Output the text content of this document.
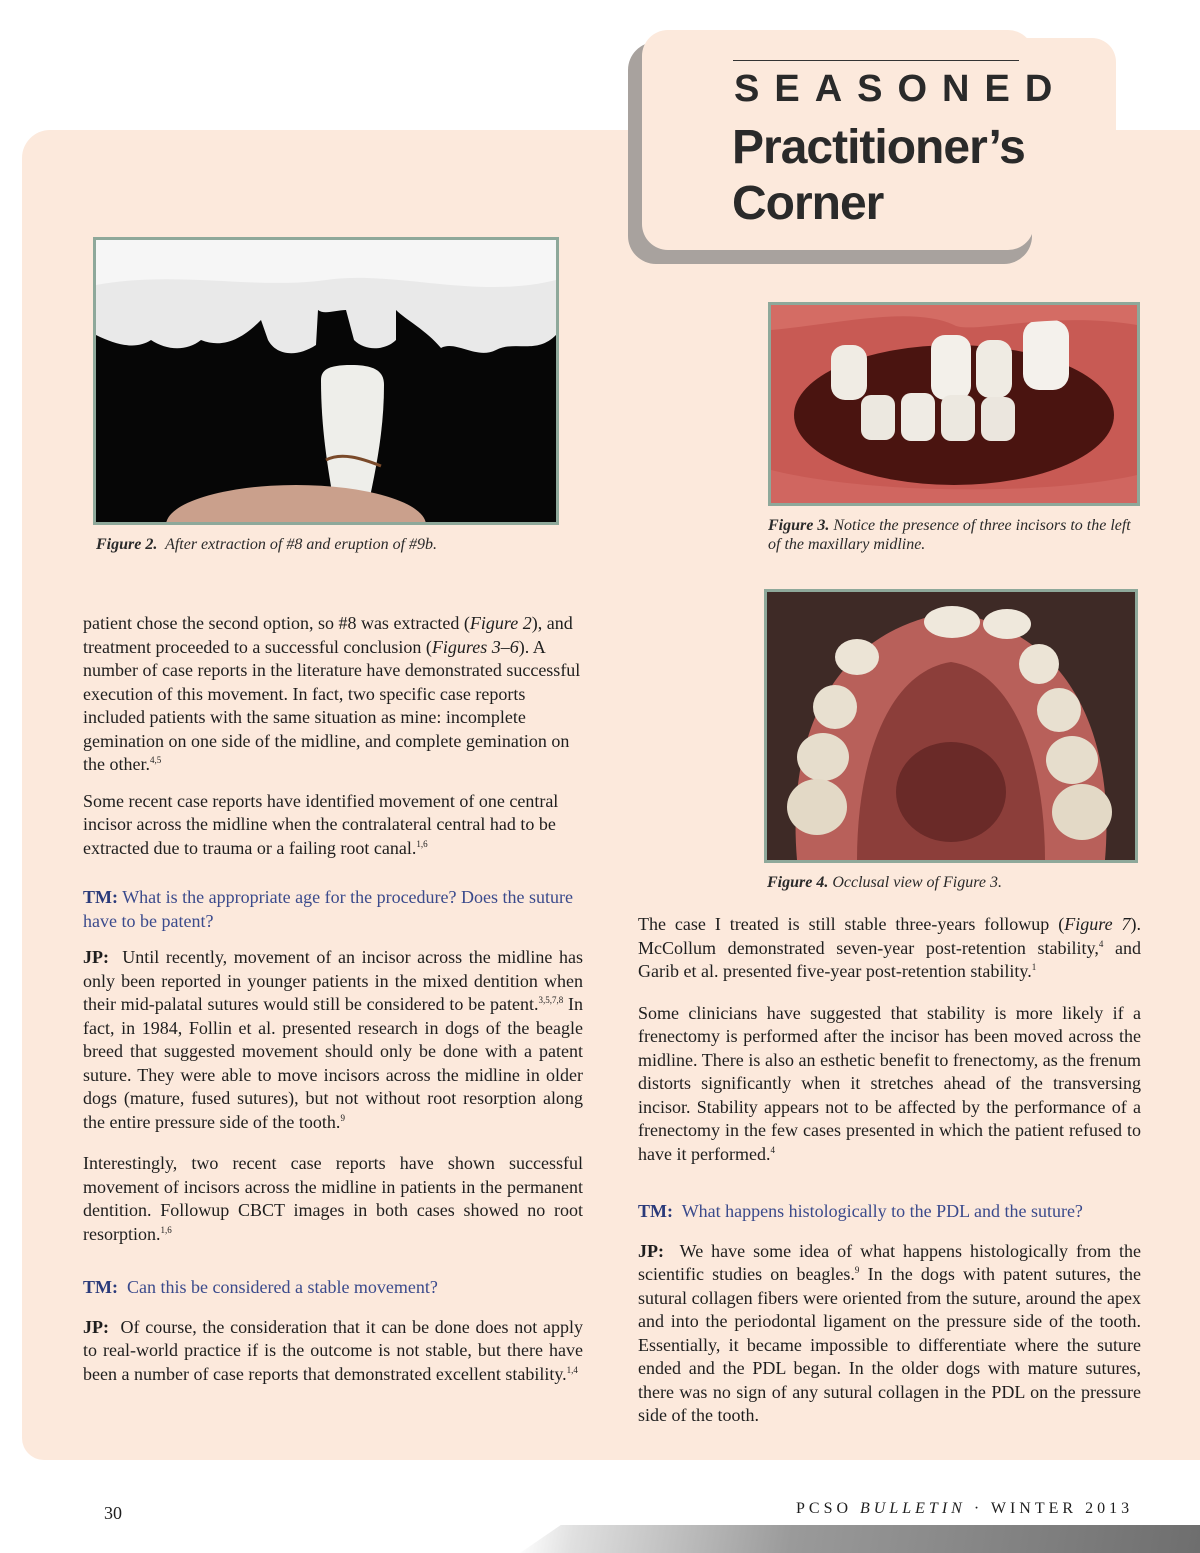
SEASONED
Practitioner’s
Corner
Figure 2. After extraction of #8 and eruption of #9b.
Figure 3. Notice the presence of three incisors to the left of the maxillary midline.
Figure 4. Occlusal view of Figure 3.

patient chose the second option, so #8 was extracted (Figure 2), and treatment proceeded to a successful conclusion (Figures 3–6). A number of case reports in the literature have demonstrated successful execution of this movement. In fact, two specific case reports included patients with the same situation as mine: incomplete gemination on one side of the midline, and complete gemination on the other.$^{4,5}$

Some recent case reports have identified movement of one central incisor across the midline when the contralateral central had to be extracted due to trauma or a failing root canal.$^{1,6}$

TM: What is the appropriate age for the procedure? Does the suture have to be patent?

JP: Until recently, movement of an incisor across the midline has only been reported in younger patients in the mixed dentition when their mid-palatal sutures would still be considered to be patent.$^{3,5,7,8}$ In fact, in 1984, Follin et al. presented research in dogs of the beagle breed that suggested movement should only be done with a patent suture. They were able to move incisors across the midline in older dogs (mature, fused sutures), but not without root resorption along the entire pressure side of the tooth.$^9$

Interestingly, two recent case reports have shown successful movement of incisors across the midline in patients in the permanent dentition. Followup CBCT images in both cases showed no root resorption.$^{1,6}$

TM: Can this be considered a stable movement?

JP: Of course, the consideration that it can be done does not apply to real-world practice if is the outcome is not stable, but there have been a number of case reports that demonstrated excellent stability.$^{1,4}$

The case I treated is still stable three-years followup (Figure 7). McCollum demonstrated seven-year post-retention stability,$^4$ and Garib et al. presented five-year post-retention stability.$^1$

Some clinicians have suggested that stability is more likely if a frenectomy is performed after the incisor has been moved across the midline. There is also an esthetic benefit to frenectomy, as the frenum distorts significantly when it stretches ahead of the transversing incisor. Stability appears not to be affected by the performance of a frenectomy in the few cases presented in which the patient refused to have it performed.$^4$

TM: What happens histologically to the PDL and the suture?

JP: We have some idea of what happens histologically from the scientific studies on beagles.$^9$ In the dogs with patent sutures, the sutural collagen fibers were oriented from the suture, around the apex and into the periodontal ligament on the pressure side of the tooth. Essentially, it became impossible to differentiate where the suture ended and the PDL began. In the older dogs with mature sutures, there was no sign of any sutural collagen in the PDL on the pressure side of the tooth.

30	PCSO BULLETIN · WINTER 2013
